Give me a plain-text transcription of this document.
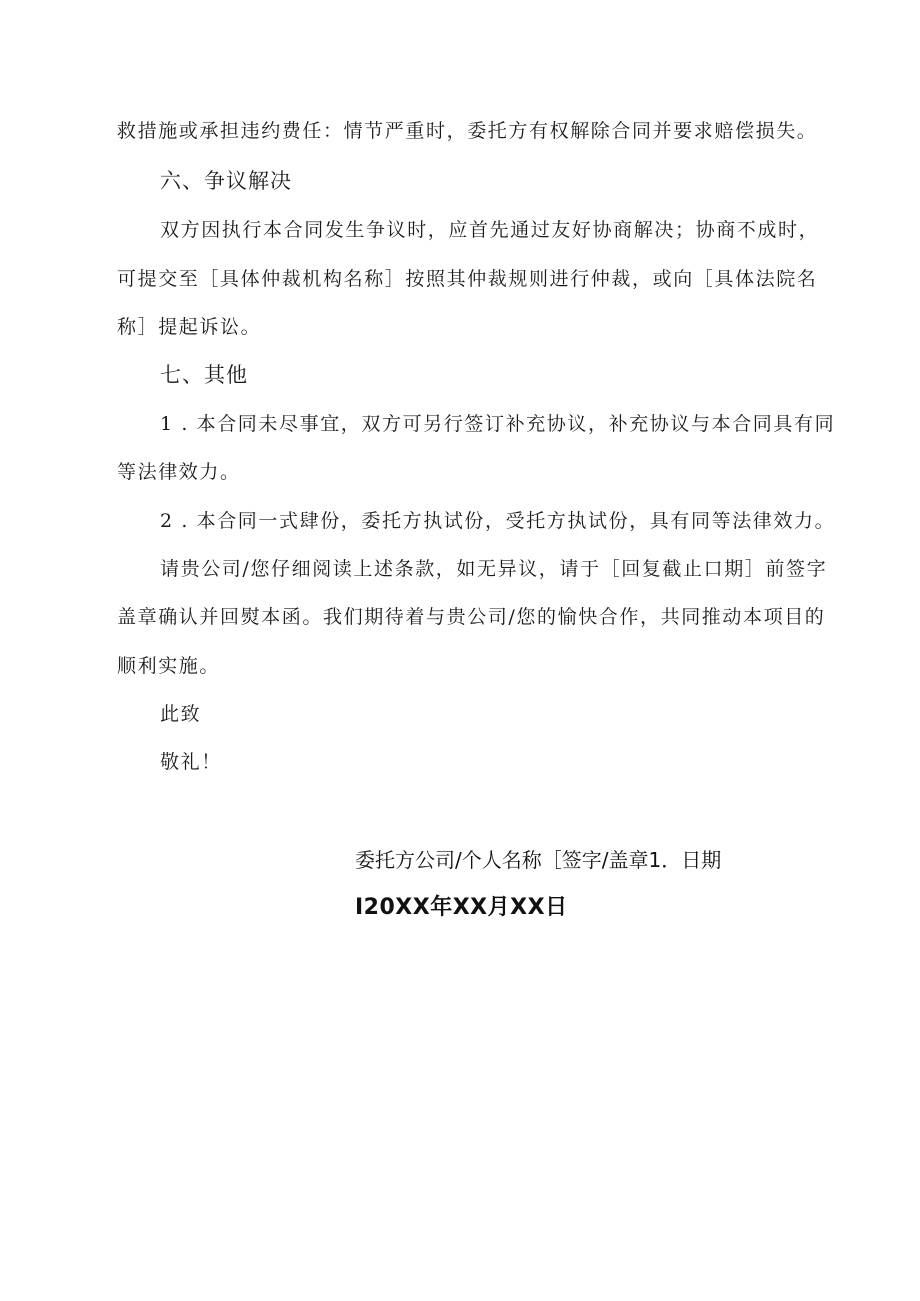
救措施或承担违约费任：情节严重时，委托方有权解除合同并要求赔偿损失。
六、争议解决
双方因执行本合同发生争议时，应首先通过友好协商解决；协商不成时，
可提交至［具体仲裁机构名称］按照其仲裁规则进行仲裁，或向［具体法院名
称］提起诉讼。
七、其他
1 . 本合同未尽事宜，双方可另行签订补充协议，补充协议与本合同具有同
等法律效力。
2 . 本合同一式肆份，委托方执试份，受托方执试份，具有同等法律效力。
请贵公司/您仔细阅读上述条款，如无异议，请于［回复截止口期］前签字
盖章确认并回熨本函。我们期待着与贵公司/您的愉快合作，共同推动本项目的
顺利实施。
此致
敬礼！
委托方公司/个人名称［签字/盖章1．日期
I20XX年XX月XX日
